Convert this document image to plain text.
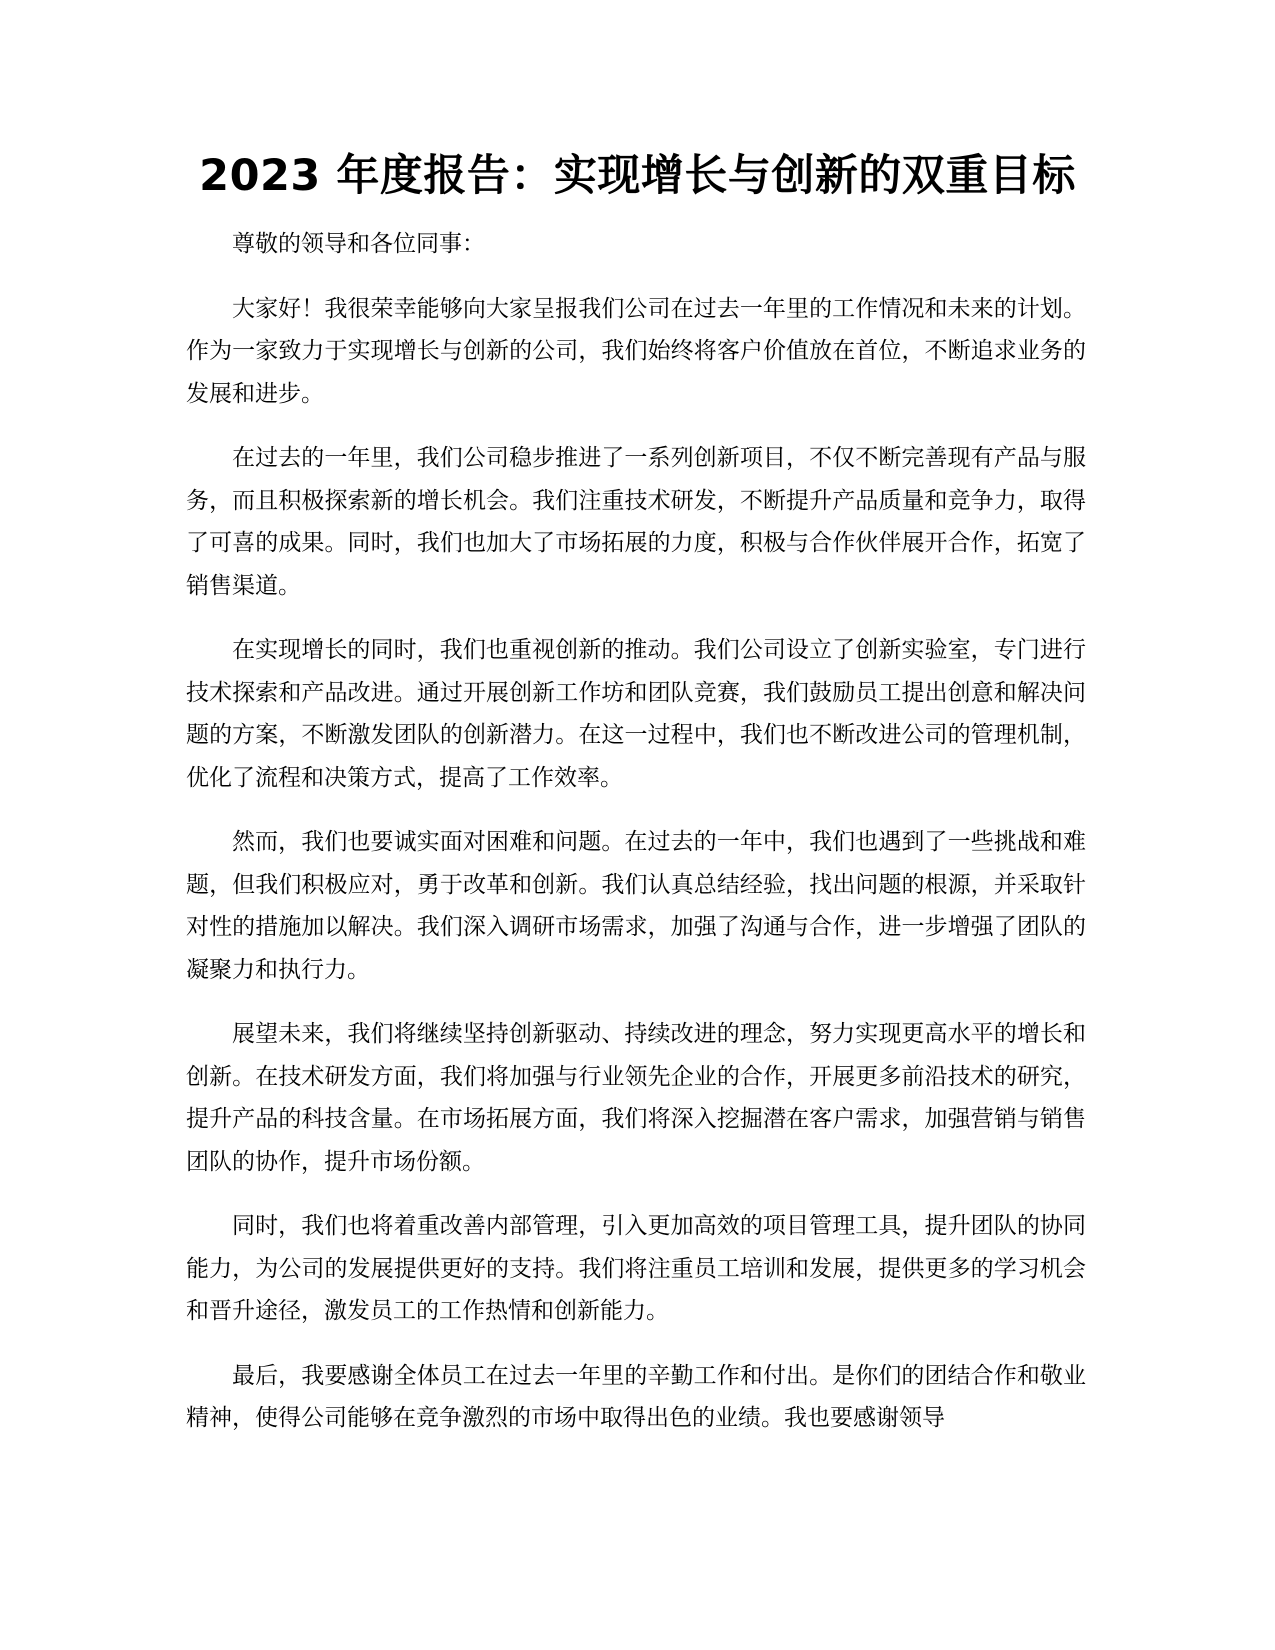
2023 年度报告：实现增长与创新的双重目标

尊敬的领导和各位同事：

大家好！我很荣幸能够向大家呈报我们公司在过去一年里的工作情况和未来的计划。作为一家致力于实现增长与创新的公司，我们始终将客户价值放在首位，不断追求业务的发展和进步。

在过去的一年里，我们公司稳步推进了一系列创新项目，不仅不断完善现有产品与服务，而且积极探索新的增长机会。我们注重技术研发，不断提升产品质量和竞争力，取得了可喜的成果。同时，我们也加大了市场拓展的力度，积极与合作伙伴展开合作，拓宽了销售渠道。

在实现增长的同时，我们也重视创新的推动。我们公司设立了创新实验室，专门进行技术探索和产品改进。通过开展创新工作坊和团队竞赛，我们鼓励员工提出创意和解决问题的方案，不断激发团队的创新潜力。在这一过程中，我们也不断改进公司的管理机制，优化了流程和决策方式，提高了工作效率。

然而，我们也要诚实面对困难和问题。在过去的一年中，我们也遇到了一些挑战和难题，但我们积极应对，勇于改革和创新。我们认真总结经验，找出问题的根源，并采取针对性的措施加以解决。我们深入调研市场需求，加强了沟通与合作，进一步增强了团队的凝聚力和执行力。

展望未来，我们将继续坚持创新驱动、持续改进的理念，努力实现更高水平的增长和创新。在技术研发方面，我们将加强与行业领先企业的合作，开展更多前沿技术的研究，提升产品的科技含量。在市场拓展方面，我们将深入挖掘潜在客户需求，加强营销与销售团队的协作，提升市场份额。

同时，我们也将着重改善内部管理，引入更加高效的项目管理工具，提升团队的协同能力，为公司的发展提供更好的支持。我们将注重员工培训和发展，提供更多的学习机会和晋升途径，激发员工的工作热情和创新能力。

最后，我要感谢全体员工在过去一年里的辛勤工作和付出。是你们的团结合作和敬业精神，使得公司能够在竞争激烈的市场中取得出色的业绩。我也要感谢领导
